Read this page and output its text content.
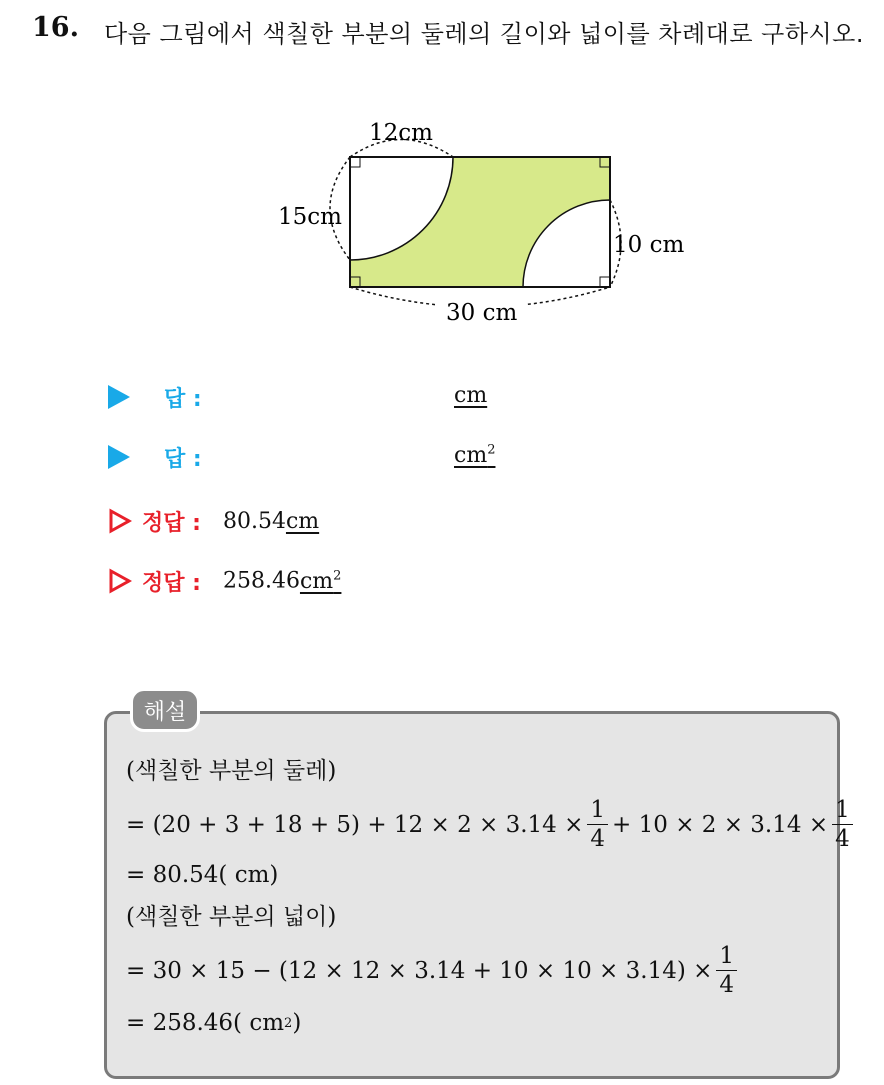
16. 다음 그림에서 색칠한 부분의 둘레의 길이와 넓이를 차례대로 구하시오.
12cm
15cm
10 cm
30 cm
답 :	cm
답 :	$cm^2$
정답 : 80.54cm
정답 : $258.46cm^2$
해설
(색칠한 부분의 둘레)
= $(20 + 3 + 18 + 5) + 12 \times 2 \times 3.14 \times \frac{1}{4} + 10 \times 2 \times 3.14 \times \frac{1}{4}$
= 80.54( cm)
(색칠한 부분의 넓이)
= $30 \times 15 - (12 \times 12 \times 3.14 + 10 \times 10 \times 3.14) \times \frac{1}{4}$
= 258.46( cm 2 )
